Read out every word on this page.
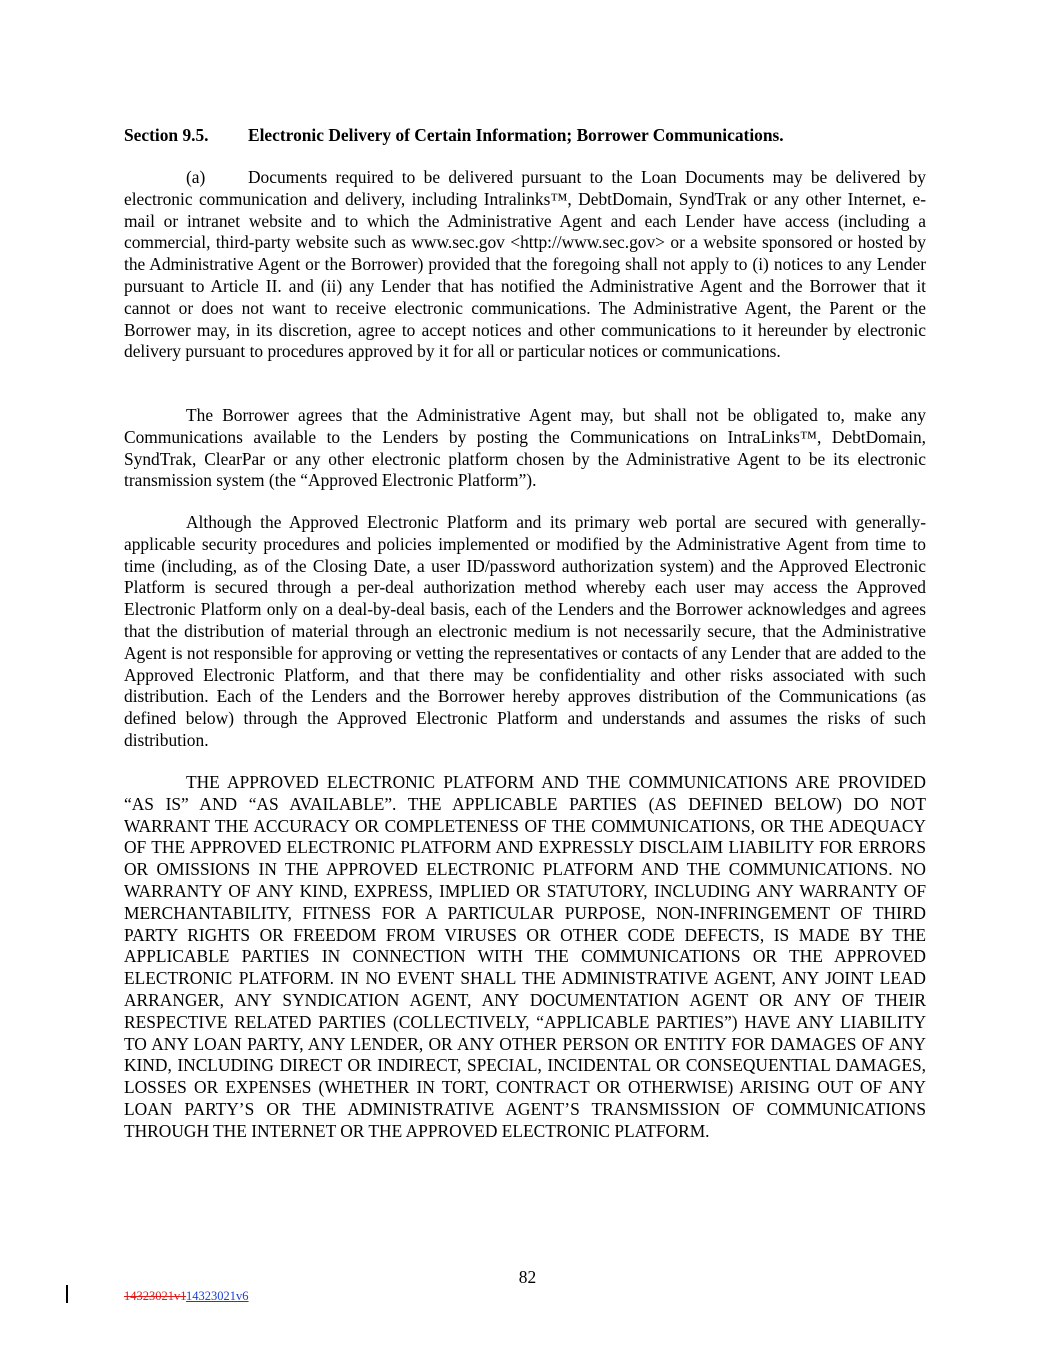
Section 9.5. Electronic Delivery of Certain Information; Borrower Communications.

(a) Documents required to be delivered pursuant to the Loan Documents may be delivered by electronic communication and delivery, including Intralinks™, DebtDomain, SyndTrak or any other Internet, e-mail or intranet website and to which the Administrative Agent and each Lender have access (including a commercial, third-party website such as www.sec.gov <http://www.sec.gov> or a website sponsored or hosted by the Administrative Agent or the Borrower) provided that the foregoing shall not apply to (i) notices to any Lender pursuant to Article II. and (ii) any Lender that has notified the Administrative Agent and the Borrower that it cannot or does not want to receive electronic communications. The Administrative Agent, the Parent or the Borrower may, in its discretion, agree to accept notices and other communications to it hereunder by electronic delivery pursuant to procedures approved by it for all or particular notices or communications.

The Borrower agrees that the Administrative Agent may, but shall not be obligated to, make any Communications available to the Lenders by posting the Communications on IntraLinks™, DebtDomain, SyndTrak, ClearPar or any other electronic platform chosen by the Administrative Agent to be its electronic transmission system (the “Approved Electronic Platform”).

Although the Approved Electronic Platform and its primary web portal are secured with generally-applicable security procedures and policies implemented or modified by the Administrative Agent from time to time (including, as of the Closing Date, a user ID/password authorization system) and the Approved Electronic Platform is secured through a per-deal authorization method whereby each user may access the Approved Electronic Platform only on a deal-by-deal basis, each of the Lenders and the Borrower acknowledges and agrees that the distribution of material through an electronic medium is not necessarily secure, that the Administrative Agent is not responsible for approving or vetting the representatives or contacts of any Lender that are added to the Approved Electronic Platform, and that there may be confidentiality and other risks associated with such distribution. Each of the Lenders and the Borrower hereby approves distribution of the Communications (as defined below) through the Approved Electronic Platform and understands and assumes the risks of such distribution.

THE APPROVED ELECTRONIC PLATFORM AND THE COMMUNICATIONS ARE PROVIDED “AS IS” AND “AS AVAILABLE”. THE APPLICABLE PARTIES (AS DEFINED BELOW) DO NOT WARRANT THE ACCURACY OR COMPLETENESS OF THE COMMUNICATIONS, OR THE ADEQUACY OF THE APPROVED ELECTRONIC PLATFORM AND EXPRESSLY DISCLAIM LIABILITY FOR ERRORS OR OMISSIONS IN THE APPROVED ELECTRONIC PLATFORM AND THE COMMUNICATIONS. NO WARRANTY OF ANY KIND, EXPRESS, IMPLIED OR STATUTORY, INCLUDING ANY WARRANTY OF MERCHANTABILITY, FITNESS FOR A PARTICULAR PURPOSE, NON-INFRINGEMENT OF THIRD PARTY RIGHTS OR FREEDOM FROM VIRUSES OR OTHER CODE DEFECTS, IS MADE BY THE APPLICABLE PARTIES IN CONNECTION WITH THE COMMUNICATIONS OR THE APPROVED ELECTRONIC PLATFORM. IN NO EVENT SHALL THE ADMINISTRATIVE AGENT, ANY JOINT LEAD ARRANGER, ANY SYNDICATION AGENT, ANY DOCUMENTATION AGENT OR ANY OF THEIR RESPECTIVE RELATED PARTIES (COLLECTIVELY, “APPLICABLE PARTIES”) HAVE ANY LIABILITY TO ANY LOAN PARTY, ANY LENDER, OR ANY OTHER PERSON OR ENTITY FOR DAMAGES OF ANY KIND, INCLUDING DIRECT OR INDIRECT, SPECIAL, INCIDENTAL OR CONSEQUENTIAL DAMAGES, LOSSES OR EXPENSES (WHETHER IN TORT, CONTRACT OR OTHERWISE) ARISING OUT OF ANY LOAN PARTY’S OR THE ADMINISTRATIVE AGENT’S TRANSMISSION OF COMMUNICATIONS THROUGH THE INTERNET OR THE APPROVED ELECTRONIC PLATFORM.

82
14323021v114323021v6
